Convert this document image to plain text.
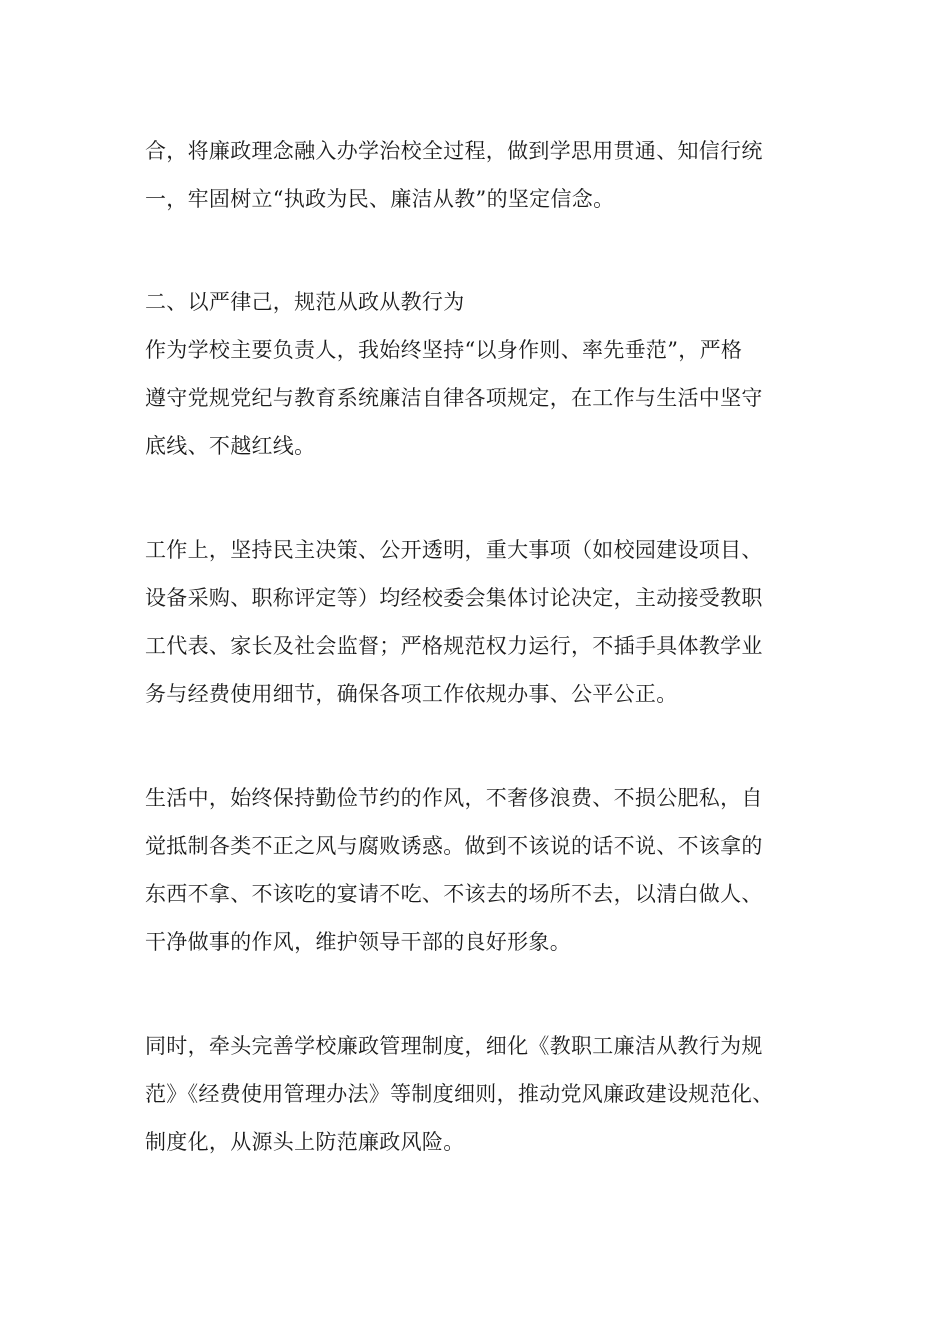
合，将廉政理念融入办学治校全过程，做到学思用贯通、知信行统
一，牢固树立“执政为民、廉洁从教”的坚定信念。
二、以严律己，规范从政从教行为
作为学校主要负责人，我始终坚持“以身作则、率先垂范”，严格
遵守党规党纪与教育系统廉洁自律各项规定，在工作与生活中坚守
底线、不越红线。
工作上，坚持民主决策、公开透明，重大事项（如校园建设项目、
设备采购、职称评定等）均经校委会集体讨论决定，主动接受教职
工代表、家长及社会监督；严格规范权力运行，不插手具体教学业
务与经费使用细节，确保各项工作依规办事、公平公正。
生活中，始终保持勤俭节约的作风，不奢侈浪费、不损公肥私，自
觉抵制各类不正之风与腐败诱惑。做到不该说的话不说、不该拿的
东西不拿、不该吃的宴请不吃、不该去的场所不去，以清白做人、
干净做事的作风，维护领导干部的良好形象。
同时，牵头完善学校廉政管理制度，细化《教职工廉洁从教行为规
范》《经费使用管理办法》等制度细则，推动党风廉政建设规范化、
制度化，从源头上防范廉政风险。
